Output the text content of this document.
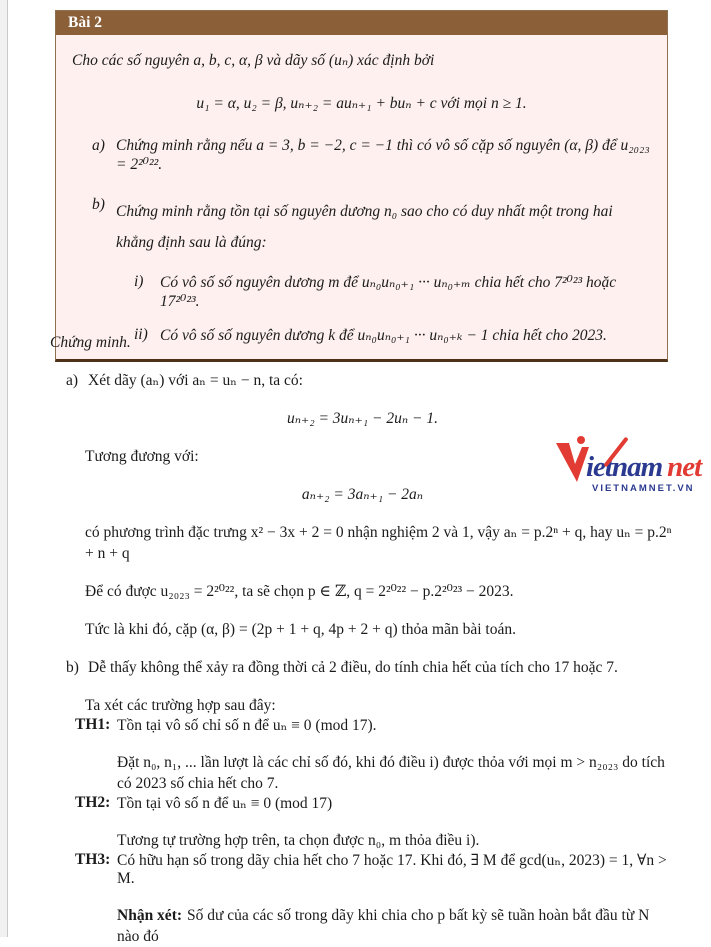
Bài 2
Cho các số nguyên a, b, c, α, β và dãy số (uₙ) xác định bởi
u₁ = α, u₂ = β, uₙ₊₂ = auₙ₊₁ + buₙ + c với mọi n ≥ 1.
a) Chứng minh rằng nếu a = 3, b = −2, c = −1 thì có vô số cặp số nguyên (α, β) để u₂₀₂₃ = 2²⁰²².
b) Chứng minh rằng tồn tại số nguyên dương n₀ sao cho có duy nhất một trong hai khẳng định sau là đúng:
i)	Có vô số số nguyên dương m để uₙ₀uₙ₀₊₁ ··· uₙ₀₊ₘ chia hết cho 7²⁰²³ hoặc 17²⁰²³.
ii) Có vô số số nguyên dương k để uₙ₀uₙ₀₊₁ ··· uₙ₀₊ₖ − 1 chia hết cho 2023.

Chứng minh.

a) Xét dãy (aₙ) với aₙ = uₙ − n, ta có:

uₙ₊₂ = 3uₙ₊₁ − 2uₙ − 1.

Tương đương với:

aₙ₊₂ = 3aₙ₊₁ − 2aₙ

có phương trình đặc trưng x² − 3x + 2 = 0 nhận nghiệm 2 và 1, vậy aₙ = p.2ⁿ + q, hay uₙ = p.2ⁿ + n + q

Để có được u₂₀₂₃ = 2²⁰²², ta sẽ chọn p ∈ ℤ, q = 2²⁰²² − p.2²⁰²³ − 2023.

Tức là khi đó, cặp (α, β) = (2p + 1 + q, 4p + 2 + q) thỏa mãn bài toán.

b) Dễ thấy không thể xảy ra đồng thời cả 2 điều, do tính chia hết của tích cho 17 hoặc 7.

Ta xét các trường hợp sau đây:

TH1: Tồn tại vô số chỉ số n để uₙ ≡ 0 (mod 17).

Đặt n₀, n₁, ... lần lượt là các chỉ số đó, khi đó điều i) được thỏa với mọi m > n₂₀₂₃ do tích có 2023 số chia hết cho 7.

TH2: Tồn tại vô số n để uₙ ≡ 0 (mod 17)

Tương tự trường hợp trên, ta chọn được n₀, m thỏa điều i).

TH3: Có hữu hạn số trong dãy chia hết cho 7 hoặc 17. Khi đó, ∃ M để gcd(uₙ, 2023) = 1, ∀n > M.

Nhận xét: Số dư của các số trong dãy khi chia cho p bất kỳ sẽ tuần hoàn bắt đầu từ N nào đó

ietnam net
VIETNAMNET.VN
